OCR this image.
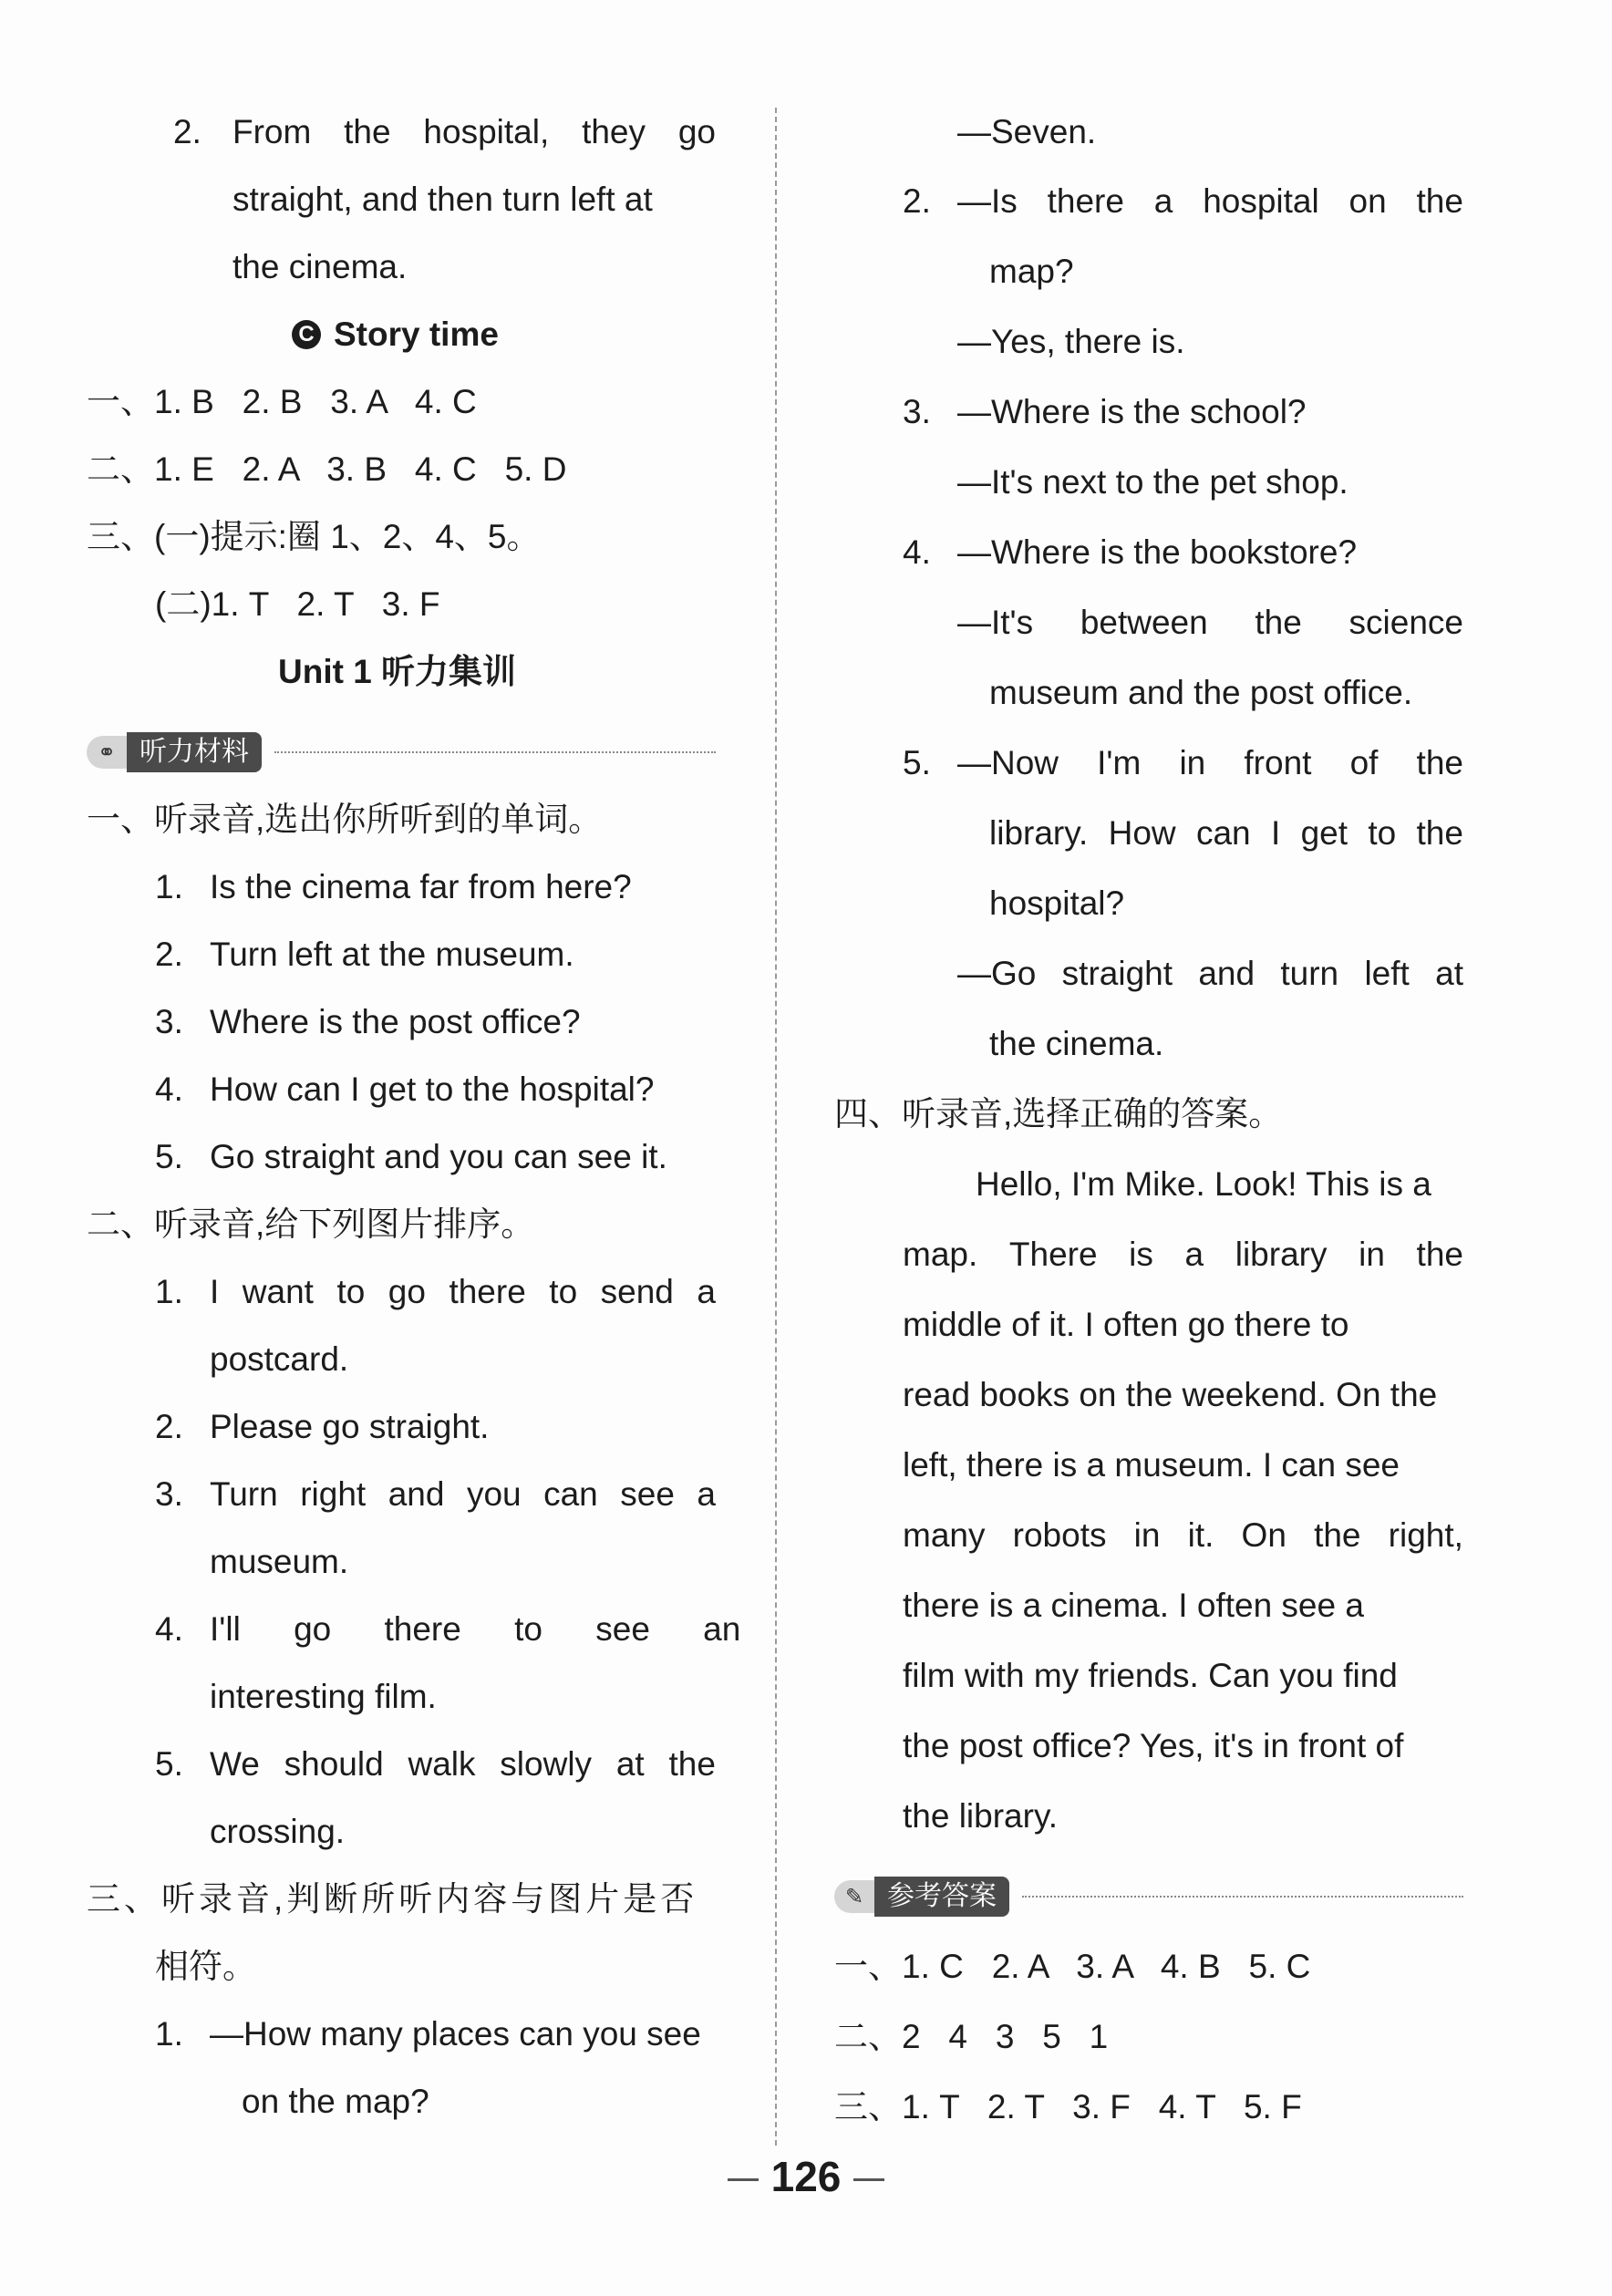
2. From the hospital, they go
straight, and then turn left at
the cinema.
C Story time
一、1. B   2. B   3. A   4. C
二、1. E   2. A   3. B   4. C   5. D
三、(一)提示:圈 1、2、4、5。
(二)1. T   2. T   3. F
Unit 1 听力集训
⚭ 听力材料
一、听录音,选出你所听到的单词。
1. Is the cinema far from here?
2. Turn left at the museum.
3. Where is the post office?
4. How can I get to the hospital?
5. Go straight and you can see it.
二、听录音,给下列图片排序。
1. I want to go there to send a
postcard.
2. Please go straight.
3. Turn right and you can see a
museum.
4. I'll go there to see an
interesting film.
5. We should walk slowly at the
crossing.
三、听录音,判断所听内容与图片是否
相符。
1. —How many places can you see
on the map?
—Seven.
2. —Is there a hospital on the
map?
—Yes, there is.
3. —Where is the school?
—It's next to the pet shop.
4. —Where is the bookstore?
—It's between the science
museum and the post office.
5. —Now I'm in front of the
library. How can I get to the
hospital?
—Go straight and turn left at
the cinema.
四、听录音,选择正确的答案。
Hello, I'm Mike. Look! This is a
map. There is a library in the
middle of it. I often go there to
read books on the weekend. On the
left, there is a museum. I can see
many robots in it. On the right,
there is a cinema. I often see a
film with my friends. Can you find
the post office? Yes, it's in front of
the library.
✎ 参考答案
一、1. C   2. A   3. A   4. B   5. C
二、2   4   3   5   1
三、1. T   2. T   3. F   4. T   5. F
126
